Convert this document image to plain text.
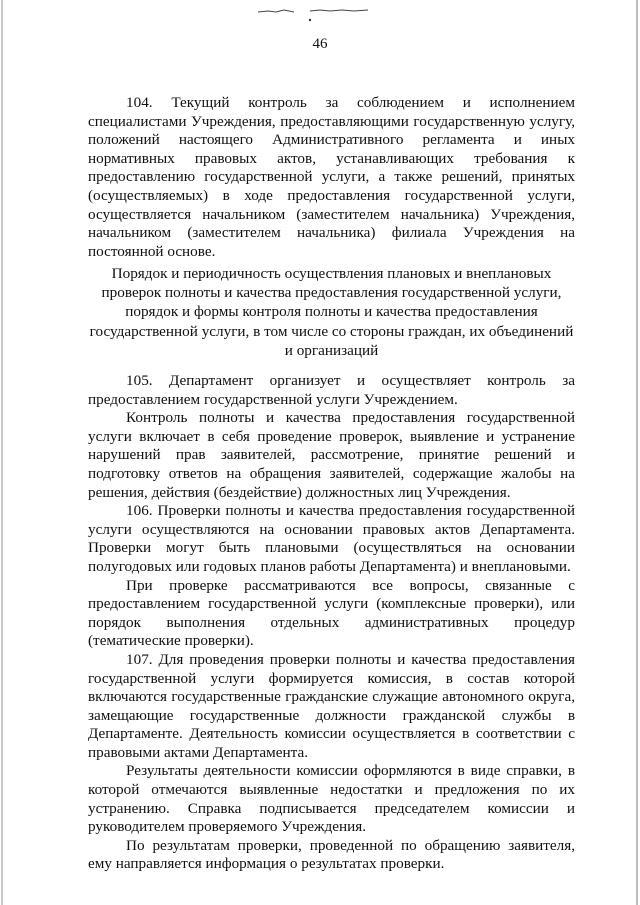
46

104. Текущий контроль за соблюдением и исполнением специалистами Учреждения, предоставляющими государственную услугу, положений настоящего Административного регламента и иных нормативных правовых актов, устанавливающих требования к предоставлению государственной услуги, а также решений, принятых (осуществляемых) в ходе предоставления государственной услуги, осуществляется начальником (заместителем начальника) Учреждения, начальником (заместителем начальника) филиала Учреждения на постоянной основе.

Порядок и периодичность осуществления плановых и внеплановых проверок полноты и качества предоставления государственной услуги, порядок и формы контроля полноты и качества предоставления государственной услуги, в том числе со стороны граждан, их объединений и организаций

105. Департамент организует и осуществляет контроль за предоставлением государственной услуги Учреждением.

Контроль полноты и качества предоставления государственной услуги включает в себя проведение проверок, выявление и устранение нарушений прав заявителей, рассмотрение, принятие решений и подготовку ответов на обращения заявителей, содержащие жалобы на решения, действия (бездействие) должностных лиц Учреждения.

106. Проверки полноты и качества предоставления государственной услуги осуществляются на основании правовых актов Департамента. Проверки могут быть плановыми (осуществляться на основании полугодовых или годовых планов работы Департамента) и внеплановыми.

При проверке рассматриваются все вопросы, связанные с предоставлением государственной услуги (комплексные проверки), или порядок выполнения отдельных административных процедур (тематические проверки).

107. Для проведения проверки полноты и качества предоставления государственной услуги формируется комиссия, в состав которой включаются государственные гражданские служащие автономного округа, замещающие государственные должности гражданской службы в Департаменте. Деятельность комиссии осуществляется в соответствии с правовыми актами Департамента.

Результаты деятельности комиссии оформляются в виде справки, в которой отмечаются выявленные недостатки и предложения по их устранению. Справка подписывается председателем комиссии и руководителем проверяемого Учреждения.

По результатам проверки, проведенной по обращению заявителя, ему направляется информация о результатах проверки.
